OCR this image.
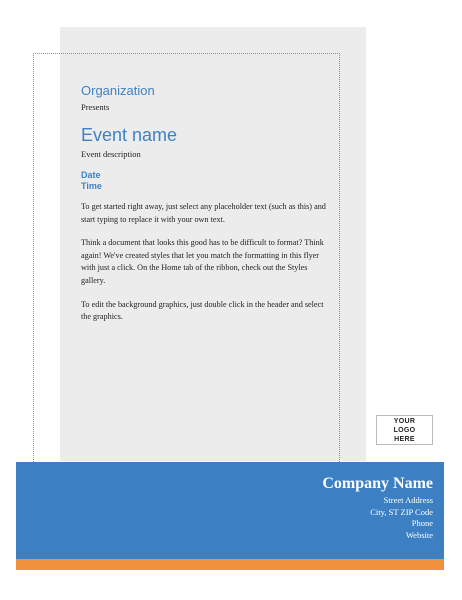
Organization

Presents

Event name

Event description

Date

Time

To get started right away, just select any placeholder text (such as this) and start typing to replace it with your own text.

Think a document that looks this good has to be difficult to format? Think again! We've created styles that let you match the formatting in this flyer with just a click. On the Home tab of the ribbon, check out the Styles gallery.

To edit the background graphics, just double click in the header and select the graphics.

YOUR LOGO HERE

Company Name

Street Address

City, ST ZIP Code

Phone

Website
